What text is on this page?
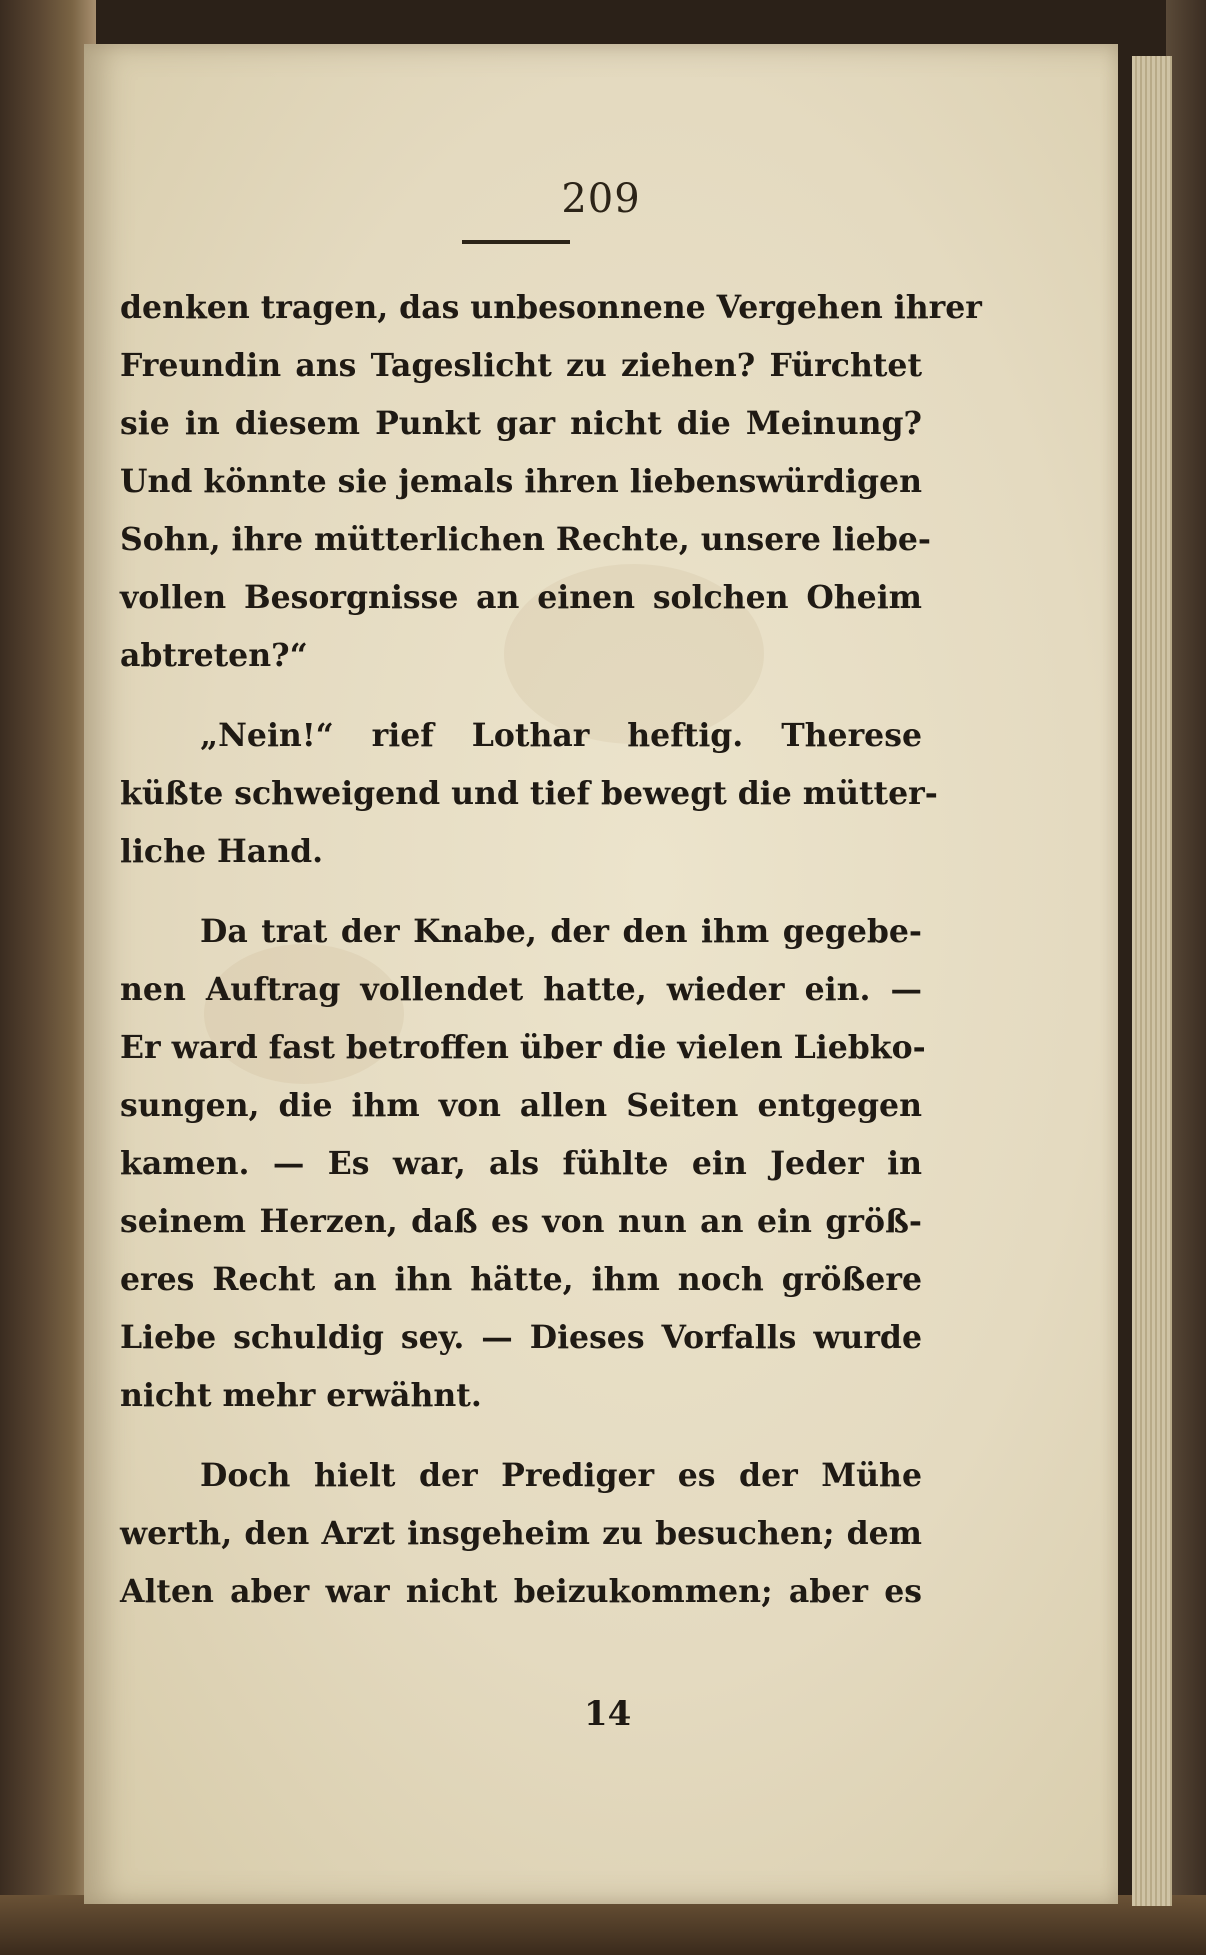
209
denken tragen, das unbesonnene Vergehen ihrer
Freundin ans Tageslicht zu ziehen? Fürchtet
sie in diesem Punkt gar nicht die Meinung?
Und könnte sie jemals ihren liebenswürdigen
Sohn, ihre mütterlichen Rechte, unsere liebe-
vollen Besorgnisse an einen solchen Oheim
abtreten?“
„Nein!“ rief Lothar heftig. Therese
küßte schweigend und tief bewegt die mütter-
liche Hand.
Da trat der Knabe, der den ihm gegebe-
nen Auftrag vollendet hatte, wieder ein. —
Er ward fast betroffen über die vielen Liebko-
sungen, die ihm von allen Seiten entgegen
kamen. — Es war, als fühlte ein Jeder in
seinem Herzen, daß es von nun an ein größ-
eres Recht an ihn hätte, ihm noch größere
Liebe schuldig sey. — Dieses Vorfalls wurde
nicht mehr erwähnt.
Doch hielt der Prediger es der Mühe
werth, den Arzt insgeheim zu besuchen; dem
Alten aber war nicht beizukommen; aber es
14
